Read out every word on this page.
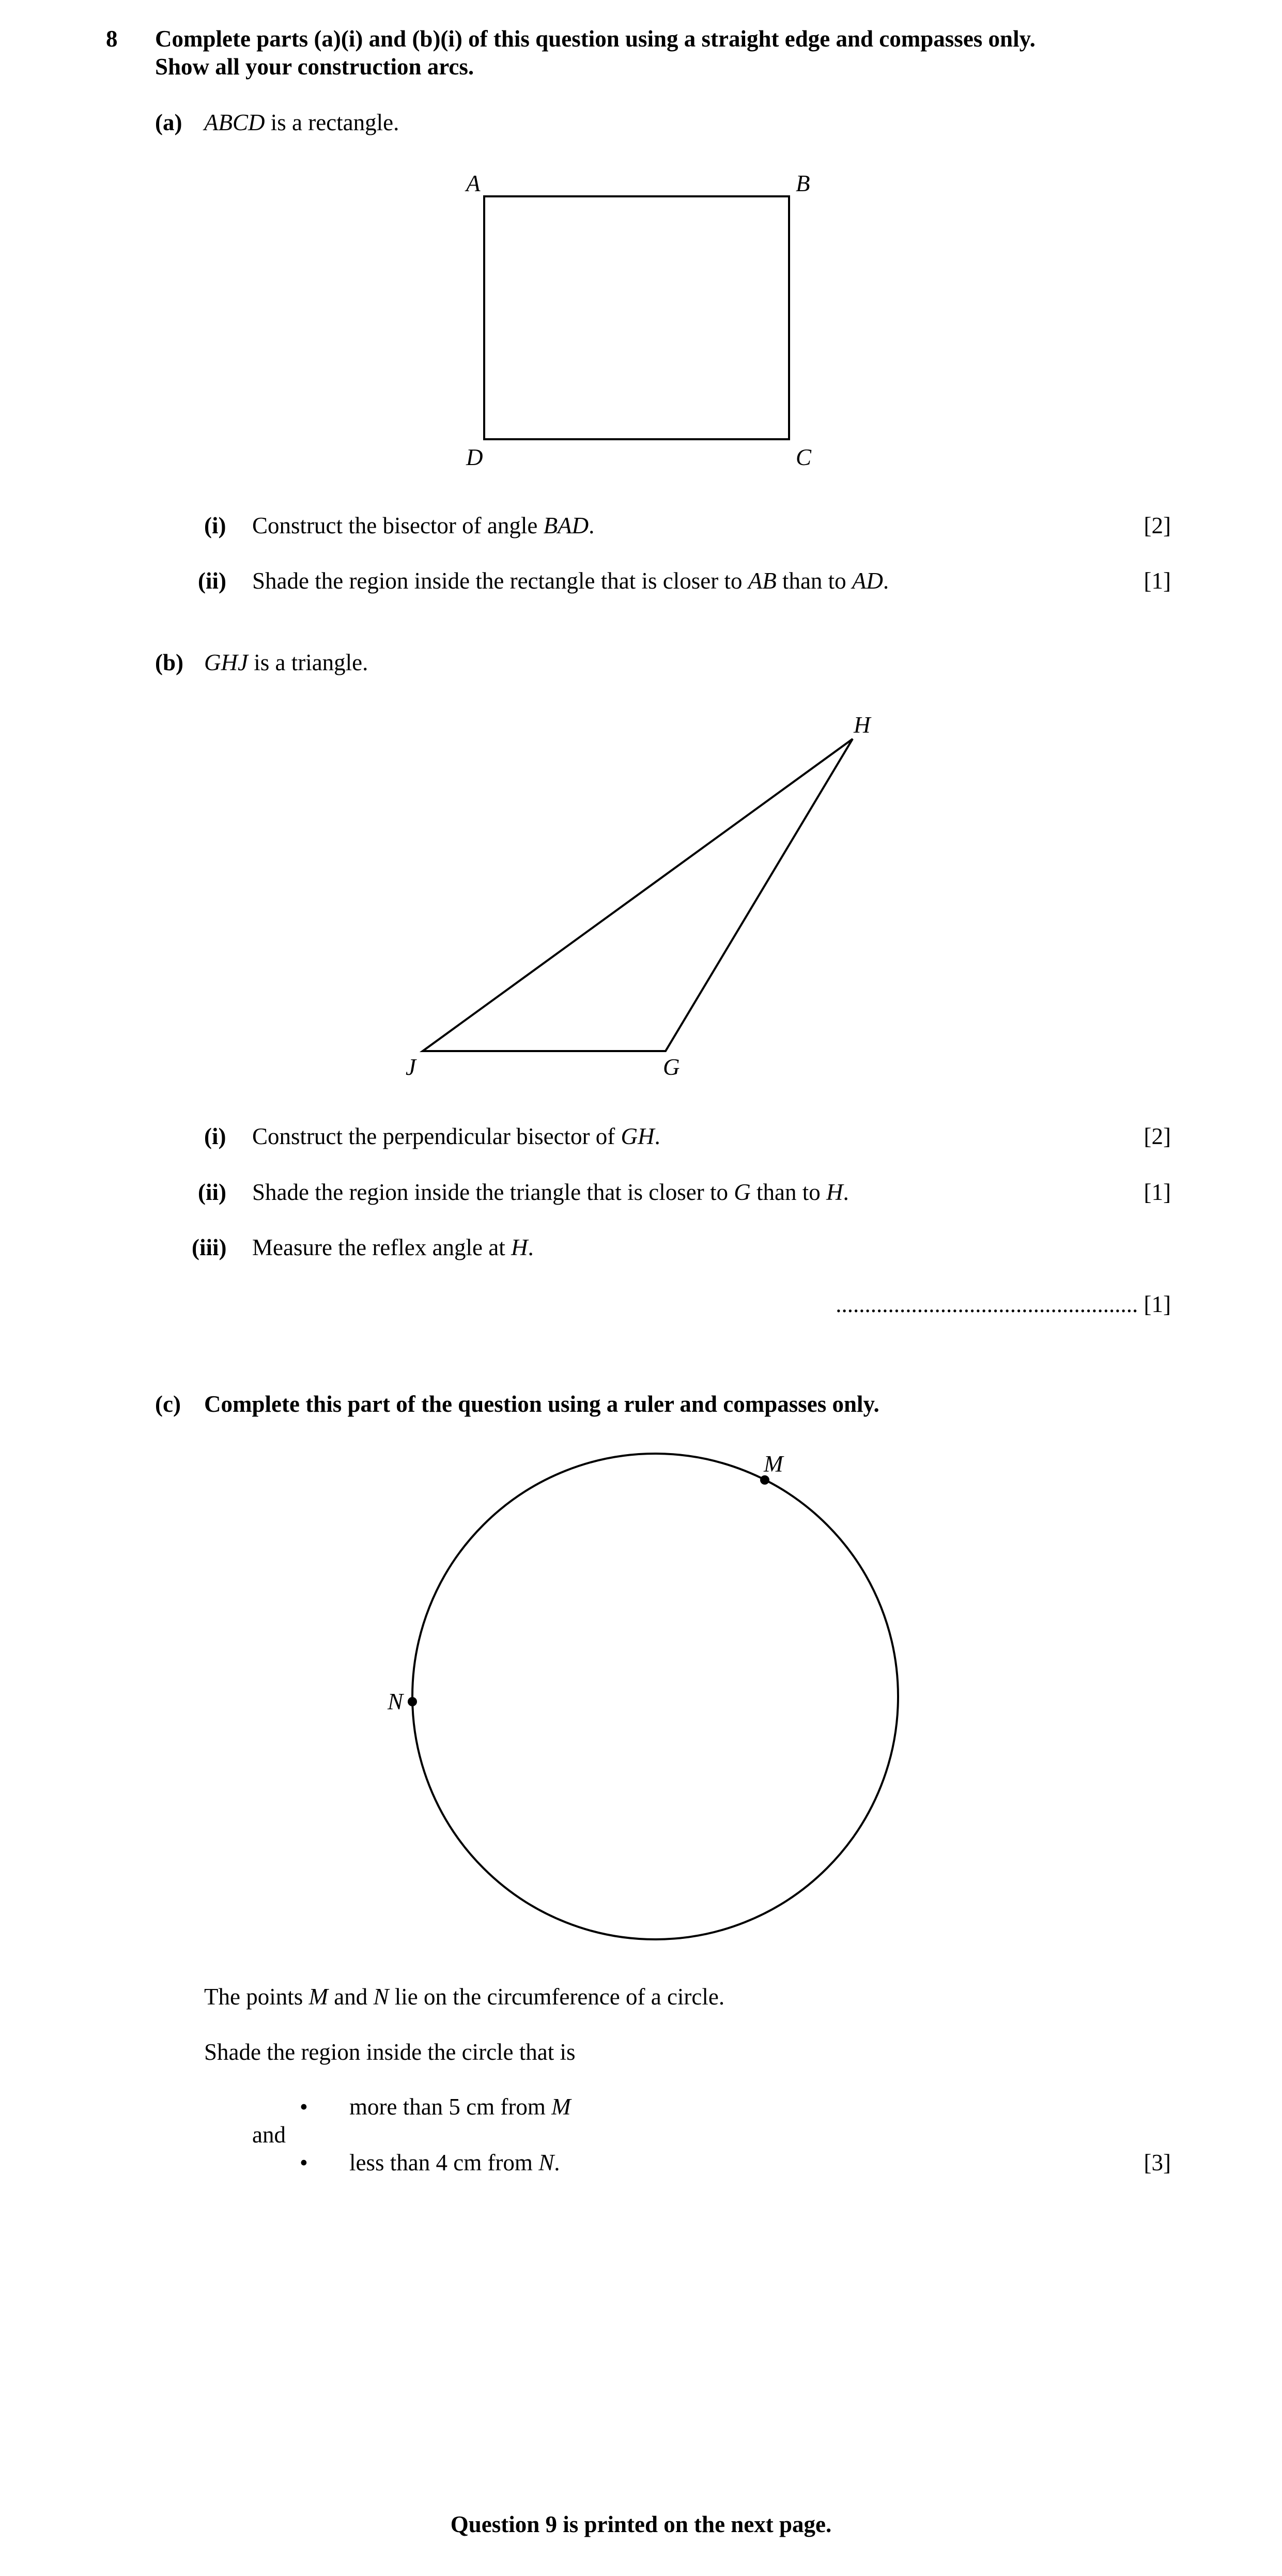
8 Complete parts (a)(i) and (b)(i) of this question using a straight edge and compasses only.
Show all your construction arcs.
(a) ABCD is a rectangle.
A	B
C
D
H
G
J
M
N
(i) Construct the bisector of angle BAD.	[2]
(ii) Shade the region inside the rectangle that is closer to AB than to AD.	[1]
(b) GHJ is a triangle.
(i) Construct the perpendicular bisector of GH.	[2]
(ii) Shade the region inside the triangle that is closer to G than to H.	[1]
(iii) Measure the reflex angle at H.
.................................................... [1]
(c) Complete this part of the question using a ruler and compasses only.
The points M and N lie on the circumference of a circle.
Shade the region inside the circle that is
• more than 5 cm from M
and
• less than 4 cm from N.	[3]
Question 9 is printed on the next page.
